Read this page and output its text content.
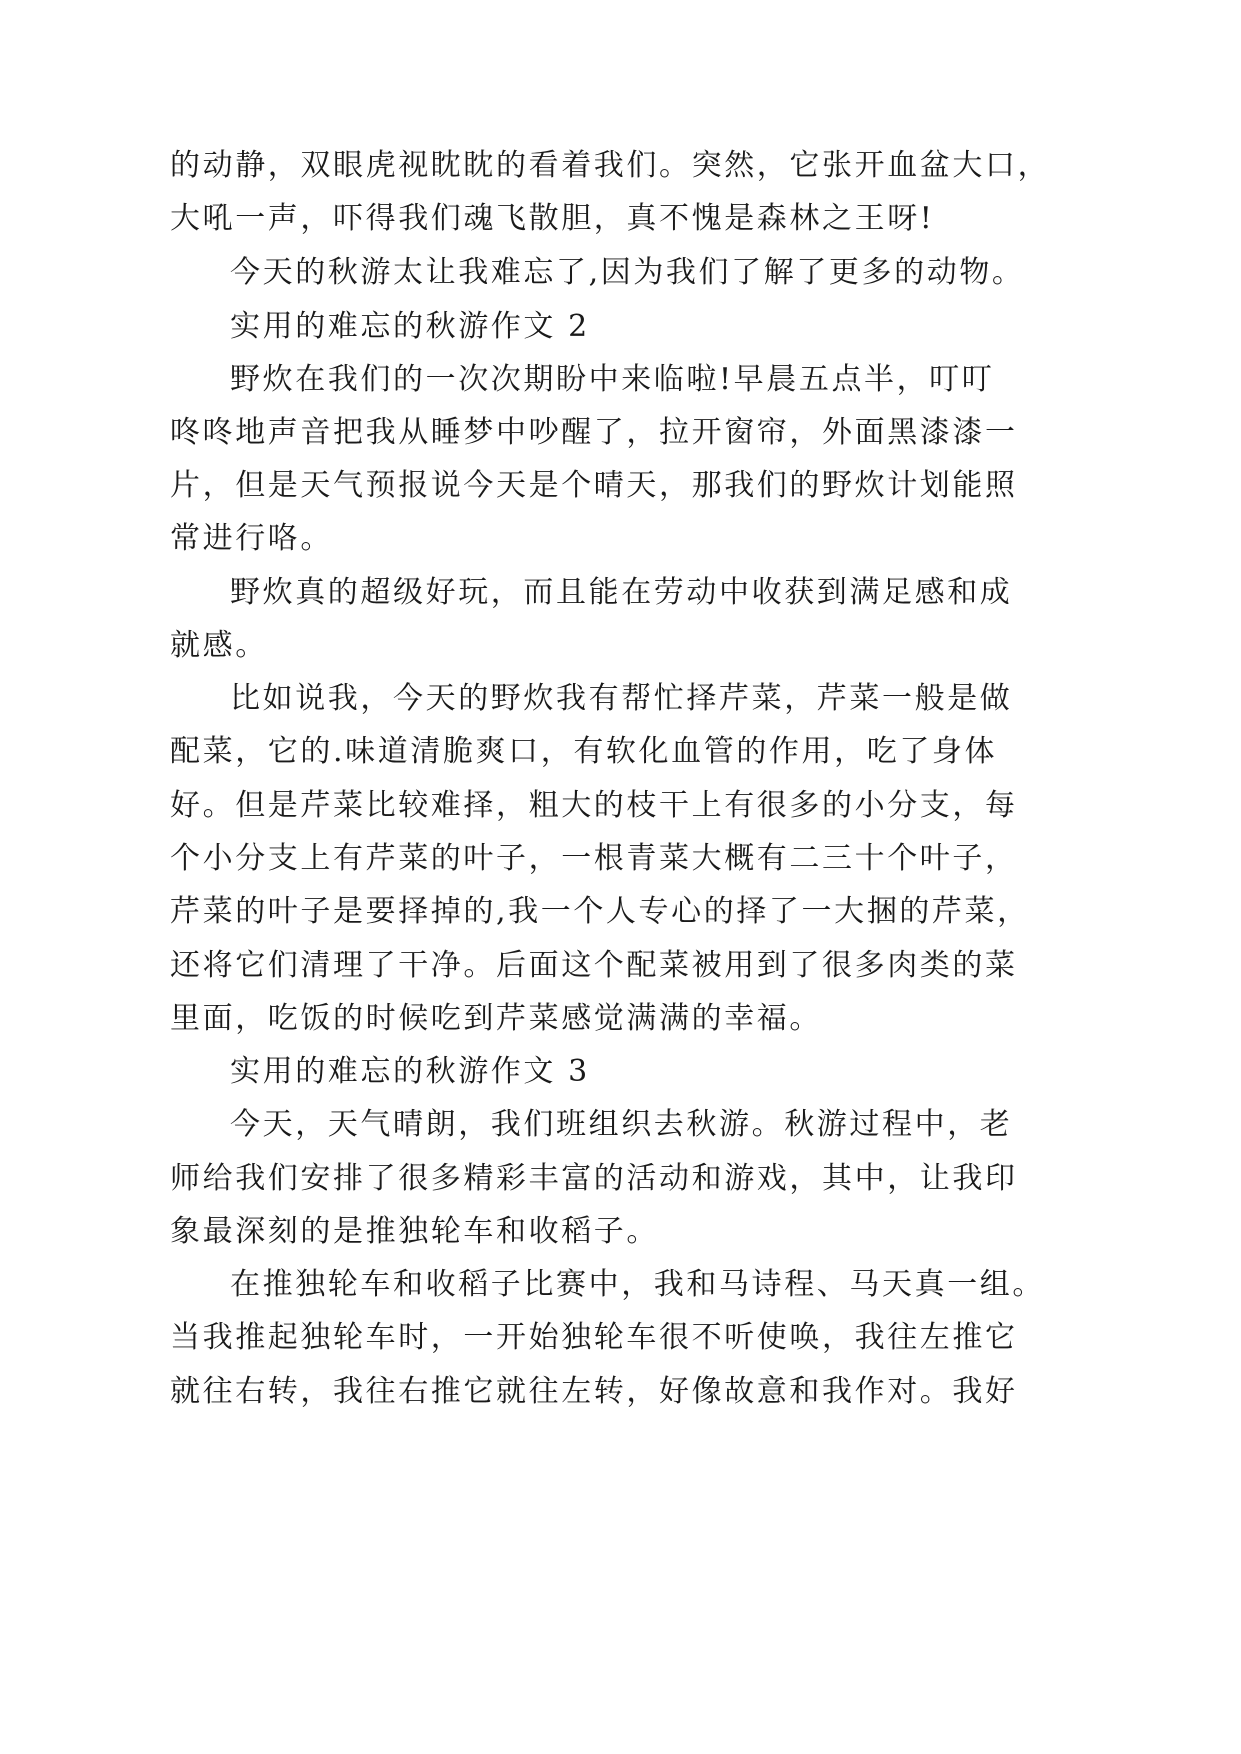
的动静，双眼虎视眈眈的看着我们。突然，它张开血盆大口，
大吼一声，吓得我们魂飞散胆，真不愧是森林之王呀!
今天的秋游太让我难忘了,因为我们了解了更多的动物。
实用的难忘的秋游作文 2
野炊在我们的一次次期盼中来临啦!早晨五点半，叮叮
咚咚地声音把我从睡梦中吵醒了，拉开窗帘，外面黑漆漆一
片，但是天气预报说今天是个晴天，那我们的野炊计划能照
常进行咯。
野炊真的超级好玩，而且能在劳动中收获到满足感和成
就感。
比如说我，今天的野炊我有帮忙择芹菜，芹菜一般是做
配菜，它的.味道清脆爽口，有软化血管的作用，吃了身体
好。但是芹菜比较难择，粗大的枝干上有很多的小分支，每
个小分支上有芹菜的叶子，一根青菜大概有二三十个叶子，
芹菜的叶子是要择掉的,我一个人专心的择了一大捆的芹菜，
还将它们清理了干净。后面这个配菜被用到了很多肉类的菜
里面，吃饭的时候吃到芹菜感觉满满的幸福。
实用的难忘的秋游作文 3
今天，天气晴朗，我们班组织去秋游。秋游过程中，老
师给我们安排了很多精彩丰富的活动和游戏，其中，让我印
象最深刻的是推独轮车和收稻子。
在推独轮车和收稻子比赛中，我和马诗程、马天真一组。
当我推起独轮车时，一开始独轮车很不听使唤，我往左推它
就往右转，我往右推它就往左转，好像故意和我作对。我好
